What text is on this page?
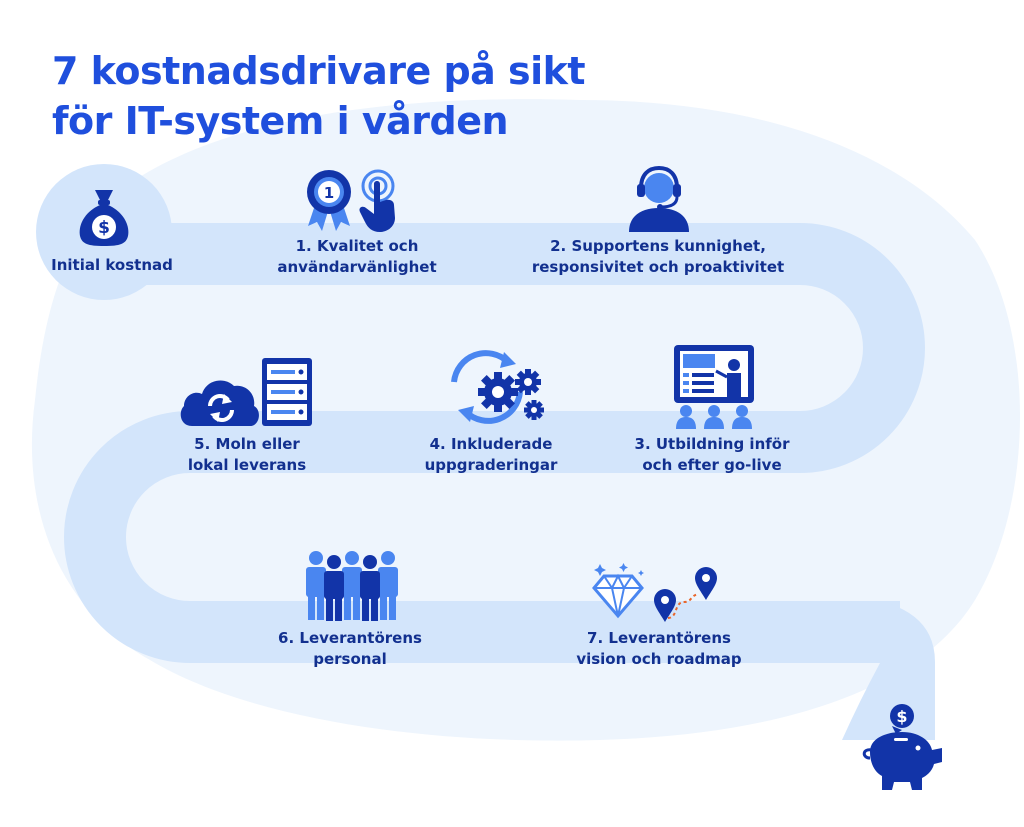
7 kostnadsdrivare på sikt
för IT-system i vården
$
Initial kostnad
1
1. Kvalitet och
användarvänlighet
2. Supportens kunnighet,
responsivitet och proaktivitet
3. Utbildning inför
och efter go-live
4. Inkluderade
uppgraderingar
5. Moln eller
lokal leverans
6. Leverantörens
personal
7. Leverantörens
vision och roadmap
$
